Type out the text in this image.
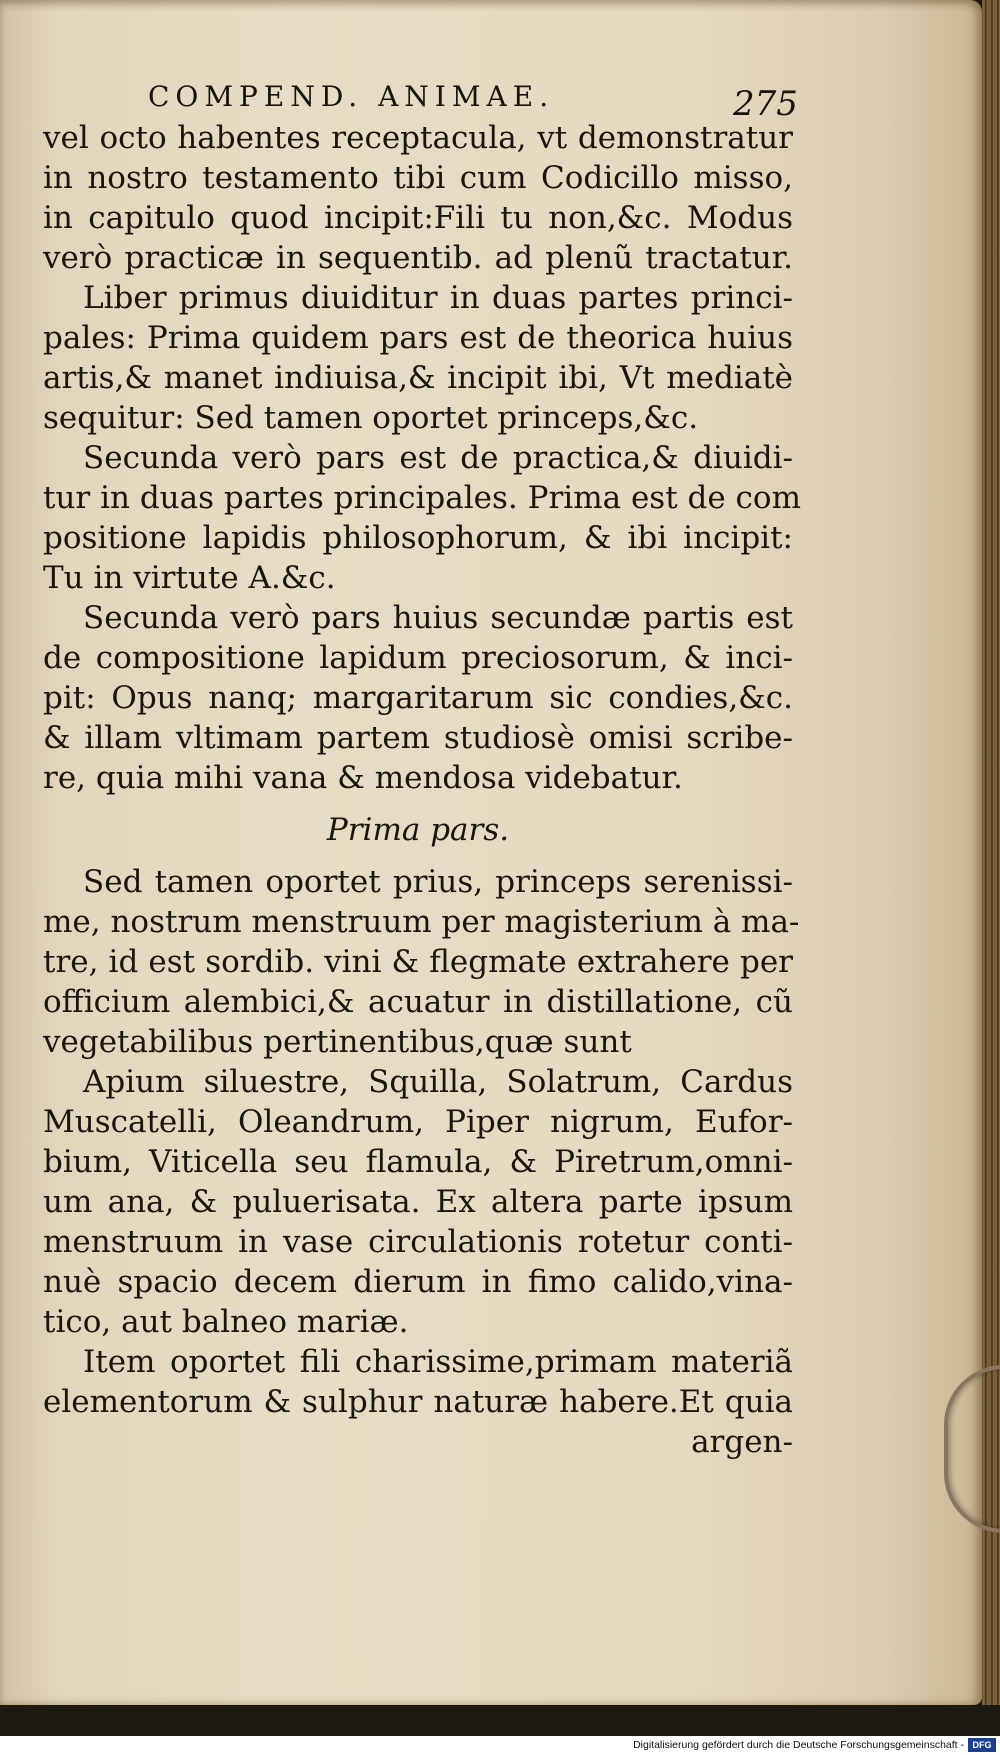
COMPEND. ANIMAE.	275
vel octo habentes receptacula, vt demonstratur
in nostro testamento tibi cum Codicillo misso,
in capitulo quod incipit:Fili tu non,&c. Modus
verò practicæ in sequentib. ad plenũ tractatur.
Liber primus diuiditur in duas partes princi-
pales: Prima quidem pars est de theorica huius
artis,& manet indiuisa,& incipit ibi, Vt mediatè
sequitur: Sed tamen oportet princeps,&c.
Secunda verò pars est de practica,& diuidi-
tur in duas partes principales. Prima est de com
positione lapidis philosophorum, & ibi incipit:
Tu in virtute A.&c.
Secunda verò pars huius secundæ partis est
de compositione lapidum preciosorum, & inci-
pit: Opus nanq; margaritarum sic condies,&c.
& illam vltimam partem studiosè omisi scribe-
re, quia mihi vana & mendosa videbatur.
Prima pars.
Sed tamen oportet prius, princeps serenissi-
me, nostrum menstruum per magisterium à ma-
tre, id est sordib. vini & flegmate extrahere per
officium alembici,& acuatur in distillatione, cũ
vegetabilibus pertinentibus,quæ sunt
Apium siluestre, Squilla, Solatrum, Cardus
Muscatelli, Oleandrum, Piper nigrum, Eufor-
bium, Viticella seu flamula, & Piretrum,omni-
um ana, & puluerisata. Ex altera parte ipsum
menstruum in vase circulationis rotetur conti-
nuè spacio decem dierum in fimo calido,vina-
tico, aut balneo mariæ.
Item oportet fili charissime,primam materiã
elementorum & sulphur naturæ habere.Et quia
argen-
Digitalisierung gefördert durch die Deutsche Forschungsgemeinschaft - DFG
